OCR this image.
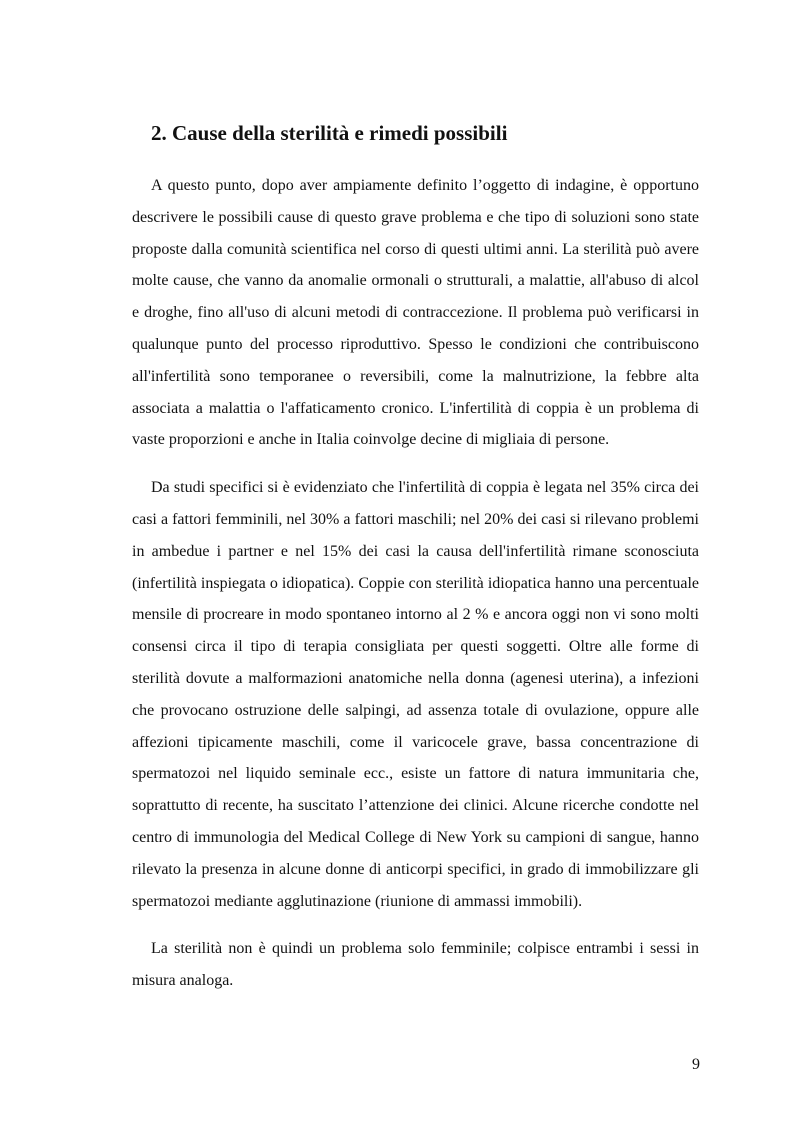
2. Cause della sterilità e rimedi possibili

A questo punto, dopo aver ampiamente definito l’oggetto di indagine, è opportuno descrivere le possibili cause di questo grave problema e che tipo di soluzioni sono state proposte dalla comunità scientifica nel corso di questi ultimi anni. La sterilità può avere molte cause, che vanno da anomalie ormonali o strutturali, a malattie, all'abuso di alcol e droghe, fino all'uso di alcuni metodi di contraccezione. Il problema può verificarsi in qualunque punto del processo riproduttivo. Spesso le condizioni che contribuiscono all'infertilità sono temporanee o reversibili, come la malnutrizione, la febbre alta associata a malattia o l'affaticamento cronico. L'infertilità di coppia è un problema di vaste proporzioni e anche in Italia coinvolge decine di migliaia di persone.

Da studi specifici si è evidenziato che l'infertilità di coppia è legata nel 35% circa dei casi a fattori femminili, nel 30% a fattori maschili; nel 20% dei casi si rilevano problemi in ambedue i partner e nel 15% dei casi la causa dell'infertilità rimane sconosciuta (infertilità inspiegata o idiopatica). Coppie con sterilità idiopatica hanno una percentuale mensile di procreare in modo spontaneo intorno al 2 % e ancora oggi non vi sono molti consensi circa il tipo di terapia consigliata per questi soggetti. Oltre alle forme di sterilità dovute a malformazioni anatomiche nella donna (agenesi uterina), a infezioni che provocano ostruzione delle salpingi, ad assenza totale di ovulazione, oppure alle affezioni tipicamente maschili, come il varicocele grave, bassa concentrazione di spermatozoi nel liquido seminale ecc., esiste un fattore di natura immunitaria che, soprattutto di recente, ha suscitato l’attenzione dei clinici. Alcune ricerche condotte nel centro di immunologia del Medical College di New York su campioni di sangue, hanno rilevato la presenza in alcune donne di anticorpi specifici, in grado di immobilizzare gli spermatozoi mediante agglutinazione (riunione di ammassi immobili).

La sterilità non è quindi un problema solo femminile; colpisce entrambi i sessi in misura analoga.

9
